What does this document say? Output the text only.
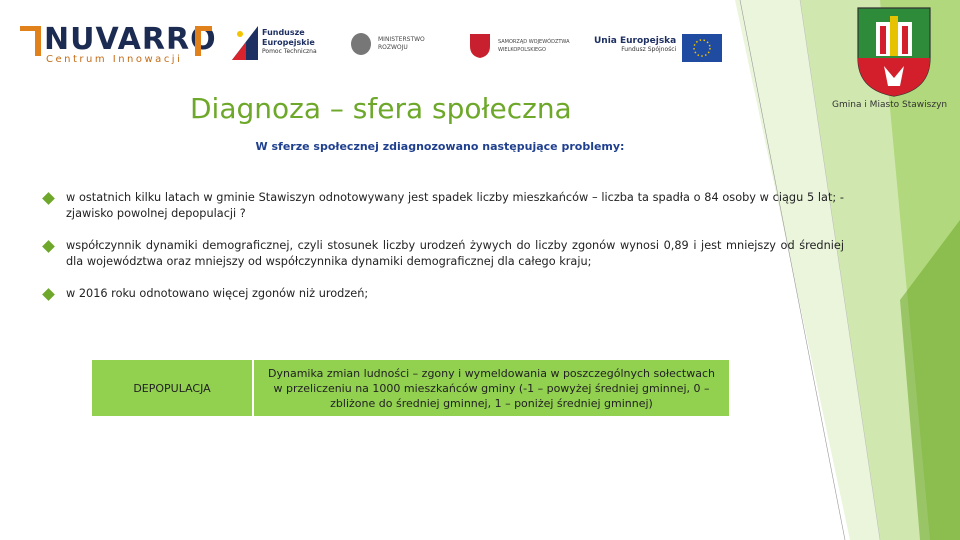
NUVARRO
Centrum Innowacji
Fundusze
Europejskie
Pomoc Techniczna
MINISTERSTWO
ROZWOJU
SAMORZĄD WOJEWÓDZTWA
WIELKOPOLSKIEGO
Unia Europejska
Fundusz Spójności
Gmina i Miasto Stawiszyn
Diagnoza – sfera społeczna
W sferze społecznej zdiagnozowano następujące problemy:
w ostatnich kilku latach w gminie Stawiszyn odnotowywany jest spadek liczby mieszkańców – liczba ta spadła o 84 osoby w ciągu 5 lat; - zjawisko powolnej depopulacji ?
współczynnik dynamiki demograficznej, czyli stosunek liczby urodzeń żywych do liczby zgonów wynosi 0,89 i jest mniejszy od średniej dla województwa oraz mniejszy od współczynnika dynamiki demograficznej dla całego kraju;
w 2016 roku odnotowano więcej zgonów niż urodzeń;
DEPOPULACJA
Dynamika zmian ludności – zgony i wymeldowania w poszczególnych sołectwach w przeliczeniu na 1000 mieszkańców gminy (-1 – powyżej średniej gminnej, 0 – zbliżone do średniej gminnej, 1 – poniżej średniej gminnej)
